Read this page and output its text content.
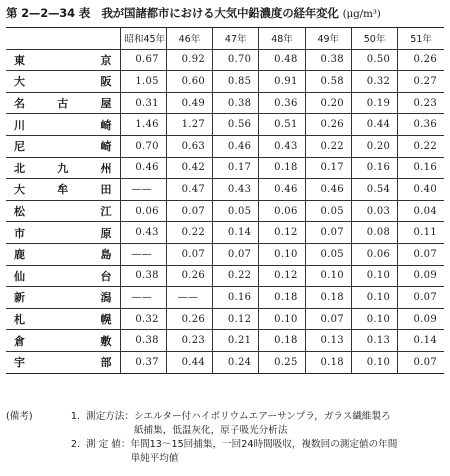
第 2—2—34 表 我が国諸都市における大気中鉛濃度の経年変化 (μg/m³)
	昭和45年	46年	47年	48年	49年	50年	51年

東 京	0.67	0.92	0.70	0.48	0.38	0.50	0.26

大 阪	1.05	0.60	0.85	0.91	0.58	0.32	0.27

名 古 屋	0.31	0.49	0.38	0.36	0.20	0.19	0.23

川 崎	1.46	1.27	0.56	0.51	0.26	0.44	0.36

尼 崎	0.70	0.63	0.46	0.43	0.22	0.20	0.22

北 九 州	0.46	0.42	0.17	0.18	0.17	0.16	0.16

大 牟 田	——	0.47	0.43	0.46	0.46	0.54	0.40

松 江	0.06	0.07	0.05	0.06	0.05	0.03	0.04

市 原	0.43	0.22	0.14	0.12	0.07	0.08	0.11

鹿 島	——	0.07	0.07	0.10	0.05	0.06	0.07

仙 台	0.38	0.26	0.22	0.12	0.10	0.10	0.09

新 潟	——	——	0.16	0.18	0.18	0.10	0.07

札 幌	0.32	0.26	0.12	0.10	0.07	0.10	0.09

倉 敷	0.38	0.23	0.21	0.18	0.13	0.13	0.14

宇 部	0.37	0.44	0.24	0.25	0.18	0.10	0.07
(備考)	1. 測定方法： シエルター付ハイボリウムエアーサンプラ，ガラス繊維製ろ
紙捕集，低温灰化，原子吸光分析法
2. 測 定 値： 年間13～15回捕集，一回24時間吸収，複数回の測定値の年間
単純平均値
